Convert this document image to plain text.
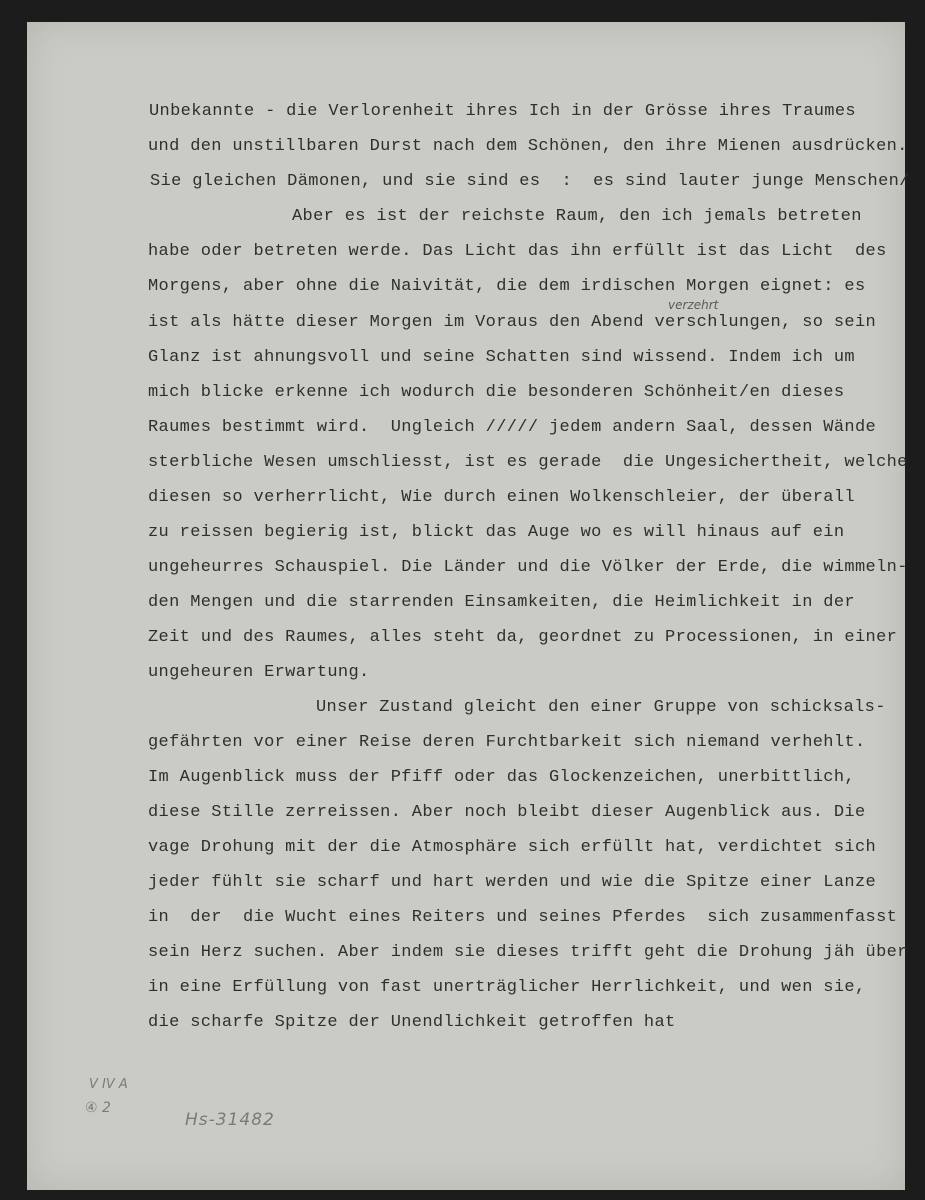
Unbekannte - die Verlorenheit ihres Ich in der Grösse ihres Traumes
und den unstillbaren Durst nach dem Schönen, den ihre Mienen ausdrücken.
Sie gleichen Dämonen, und sie sind es  :  es sind lauter junge Menschen/
Aber es ist der reichste Raum, den ich jemals betreten
habe oder betreten werde. Das Licht das ihn erfüllt ist das Licht  des
Morgens, aber ohne die Naivität, die dem irdischen Morgen eignet: es
verzehrt
ist als hätte dieser Morgen im Voraus den Abend verschlungen, so sein
Glanz ist ahnungsvoll und seine Schatten sind wissend. Indem ich um
mich blicke erkenne ich wodurch die besonderen Schönheit/en dieses
Raumes bestimmt wird.  Ungleich ///// jedem andern Saal, dessen Wände
sterbliche Wesen umschliesst, ist es gerade  die Ungesichertheit, welche
diesen so verherrlicht, Wie durch einen Wolkenschleier, der überall
zu reissen begierig ist, blickt das Auge wo es will hinaus auf ein
ungeheurres Schauspiel. Die Länder und die Völker der Erde, die wimmeln-
den Mengen und die starrenden Einsamkeiten, die Heimlichkeit in der
Zeit und des Raumes, alles steht da, geordnet zu Processionen, in einer
ungeheuren Erwartung.
Unser Zustand gleicht den einer Gruppe von schicksals-
gefährten vor einer Reise deren Furchtbarkeit sich niemand verhehlt.
Im Augenblick muss der Pfiff oder das Glockenzeichen, unerbittlich,
diese Stille zerreissen. Aber noch bleibt dieser Augenblick aus. Die
vage Drohung mit der die Atmosphäre sich erfüllt hat, verdichtet sich
jeder fühlt sie scharf und hart werden und wie die Spitze einer Lanze
in  der  die Wucht eines Reiters und seines Pferdes  sich zusammenfasst
sein Herz suchen. Aber indem sie dieses trifft geht die Drohung jäh über
in eine Erfüllung von fast unerträglicher Herrlichkeit, und wen sie,
die scharfe Spitze der Unendlichkeit getroffen hat
V IV A
④ 2
Hs-31482
